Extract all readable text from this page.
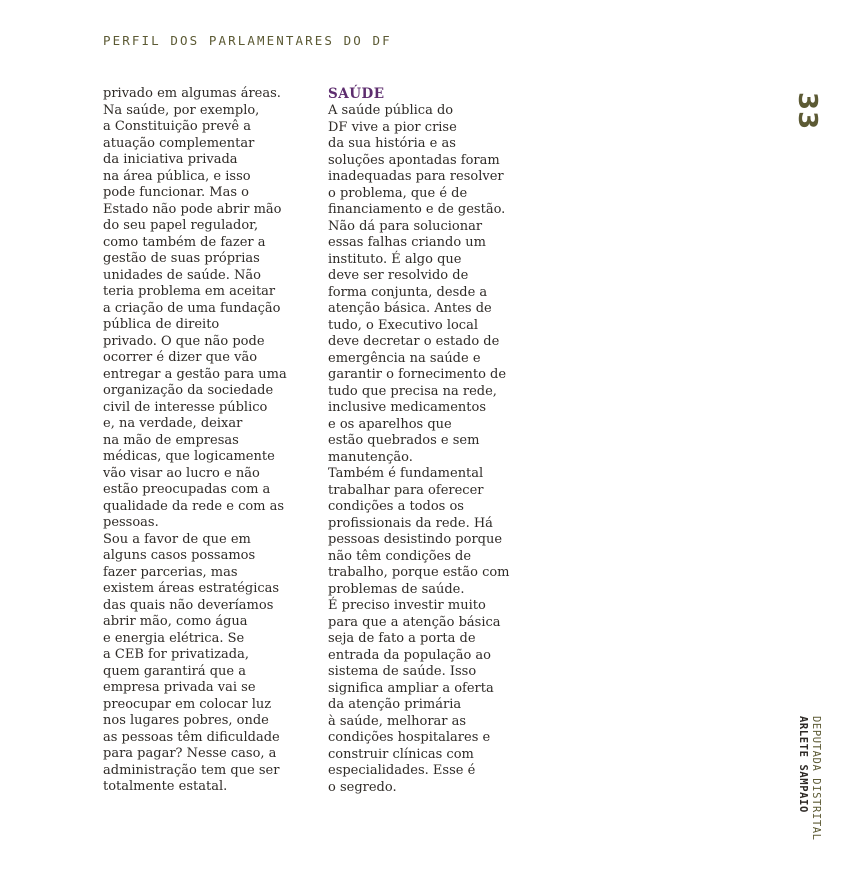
PERFIL DOS PARLAMENTARES DO DF
33

privado em algumas áreas.
Na saúde, por exemplo,
a Constituição prevê a
atuação complementar
da iniciativa privada
na área pública, e isso
pode funcionar. Mas o
Estado não pode abrir mão
do seu papel regulador,
como também de fazer a
gestão de suas próprias
unidades de saúde. Não
teria problema em aceitar
a criação de uma fundação
pública de direito
privado. O que não pode
ocorrer é dizer que vão
entregar a gestão para uma
organização da sociedade
civil de interesse público
e, na verdade, deixar
na mão de empresas
médicas, que logicamente
vão visar ao lucro e não
estão preocupadas com a
qualidade da rede e com as
pessoas.

Sou a favor de que em
alguns casos possamos
fazer parcerias, mas
existem áreas estratégicas
das quais não deveríamos
abrir mão, como água
e energia elétrica. Se
a CEB for privatizada,
quem garantirá que a
empresa privada vai se
preocupar em colocar luz
nos lugares pobres, onde
as pessoas têm dificuldade
para pagar? Nesse caso, a
administração tem que ser
totalmente estatal.

SAÚDE

A saúde pública do
DF vive a pior crise
da sua história e as
soluções apontadas foram
inadequadas para resolver
o problema, que é de
financiamento e de gestão.
Não dá para solucionar
essas falhas criando um
instituto. É algo que
deve ser resolvido de
forma conjunta, desde a
atenção básica. Antes de
tudo, o Executivo local
deve decretar o estado de
emergência na saúde e
garantir o fornecimento de
tudo que precisa na rede,
inclusive medicamentos
e os aparelhos que
estão quebrados e sem
manutenção.

Também é fundamental
trabalhar para oferecer
condições a todos os
profissionais da rede. Há
pessoas desistindo porque
não têm condições de
trabalho, porque estão com
problemas de saúde.

É preciso investir muito
para que a atenção básica
seja de fato a porta de
entrada da população ao
sistema de saúde. Isso
significa ampliar a oferta
da atenção primária
à saúde, melhorar as
condições hospitalares e
construir clínicas com
especialidades. Esse é
o segredo.	DEPUTADA DISTRITAL
ARLETE SAMPAIO
